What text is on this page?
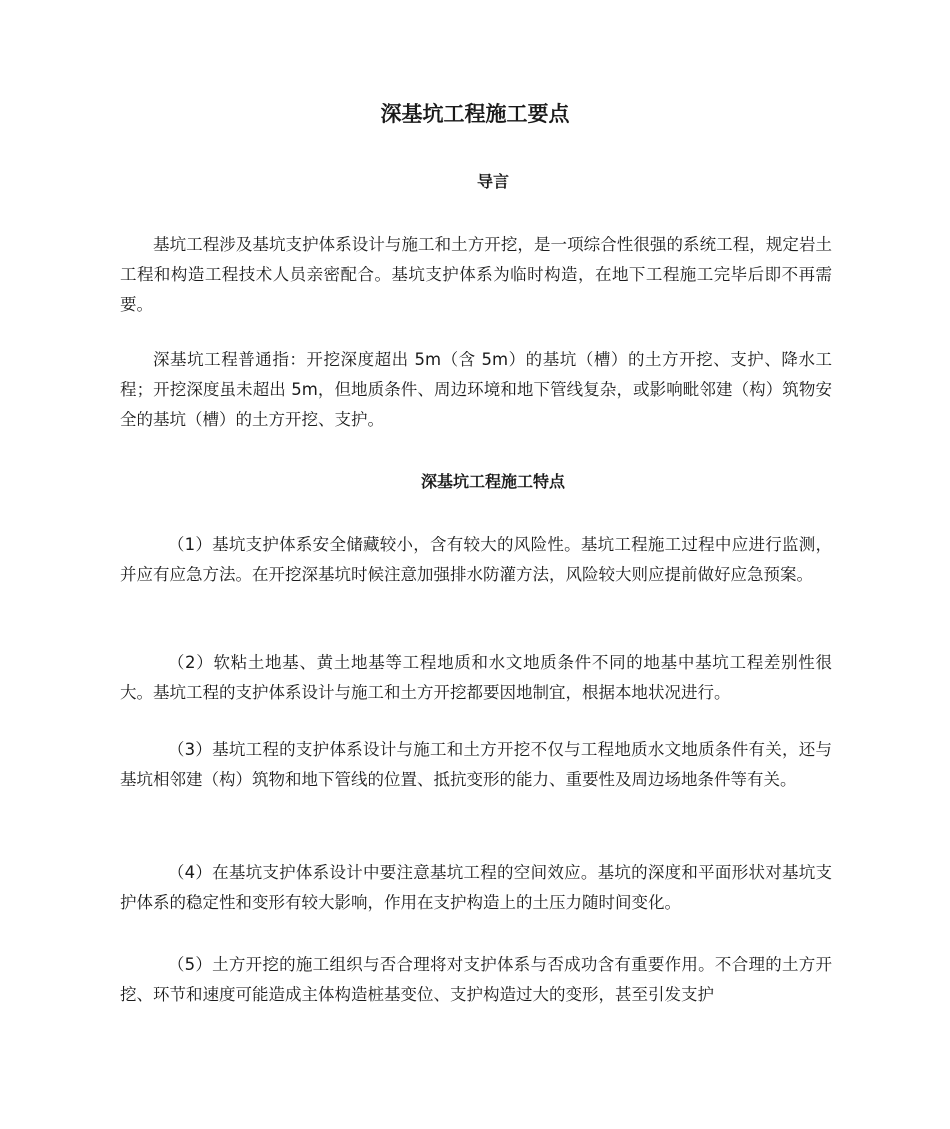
深基坑工程施工要点
导言

基坑工程涉及基坑支护体系设计与施工和土方开挖，是一项综合性很强的系统工程，规定岩土工程和构造工程技术人员亲密配合。基坑支护体系为临时构造，在地下工程施工完毕后即不再需要。

深基坑工程普通指：开挖深度超出 5m（含 5m）的基坑（槽）的土方开挖、支护、降水工程；开挖深度虽未超出 5m，但地质条件、周边环境和地下管线复杂，或影响毗邻建（构）筑物安全的基坑（槽）的土方开挖、支护。

深基坑工程施工特点

（1）基坑支护体系安全储藏较小，含有较大的风险性。基坑工程施工过程中应进行监测，并应有应急方法。在开挖深基坑时候注意加强排水防灌方法，风险较大则应提前做好应急预案。

（2）软粘土地基、黄土地基等工程地质和水文地质条件不同的地基中基坑工程差别性很大。基坑工程的支护体系设计与施工和土方开挖都要因地制宜，根据本地状况进行。

（3）基坑工程的支护体系设计与施工和土方开挖不仅与工程地质水文地质条件有关，还与基坑相邻建（构）筑物和地下管线的位置、抵抗变形的能力、重要性及周边场地条件等有关。

（4）在基坑支护体系设计中要注意基坑工程的空间效应。基坑的深度和平面形状对基坑支护体系的稳定性和变形有较大影响，作用在支护构造上的土压力随时间变化。

（5）土方开挖的施工组织与否合理将对支护体系与否成功含有重要作用。不合理的土方开挖、环节和速度可能造成主体构造桩基变位、支护构造过大的变形，甚至引发支护
